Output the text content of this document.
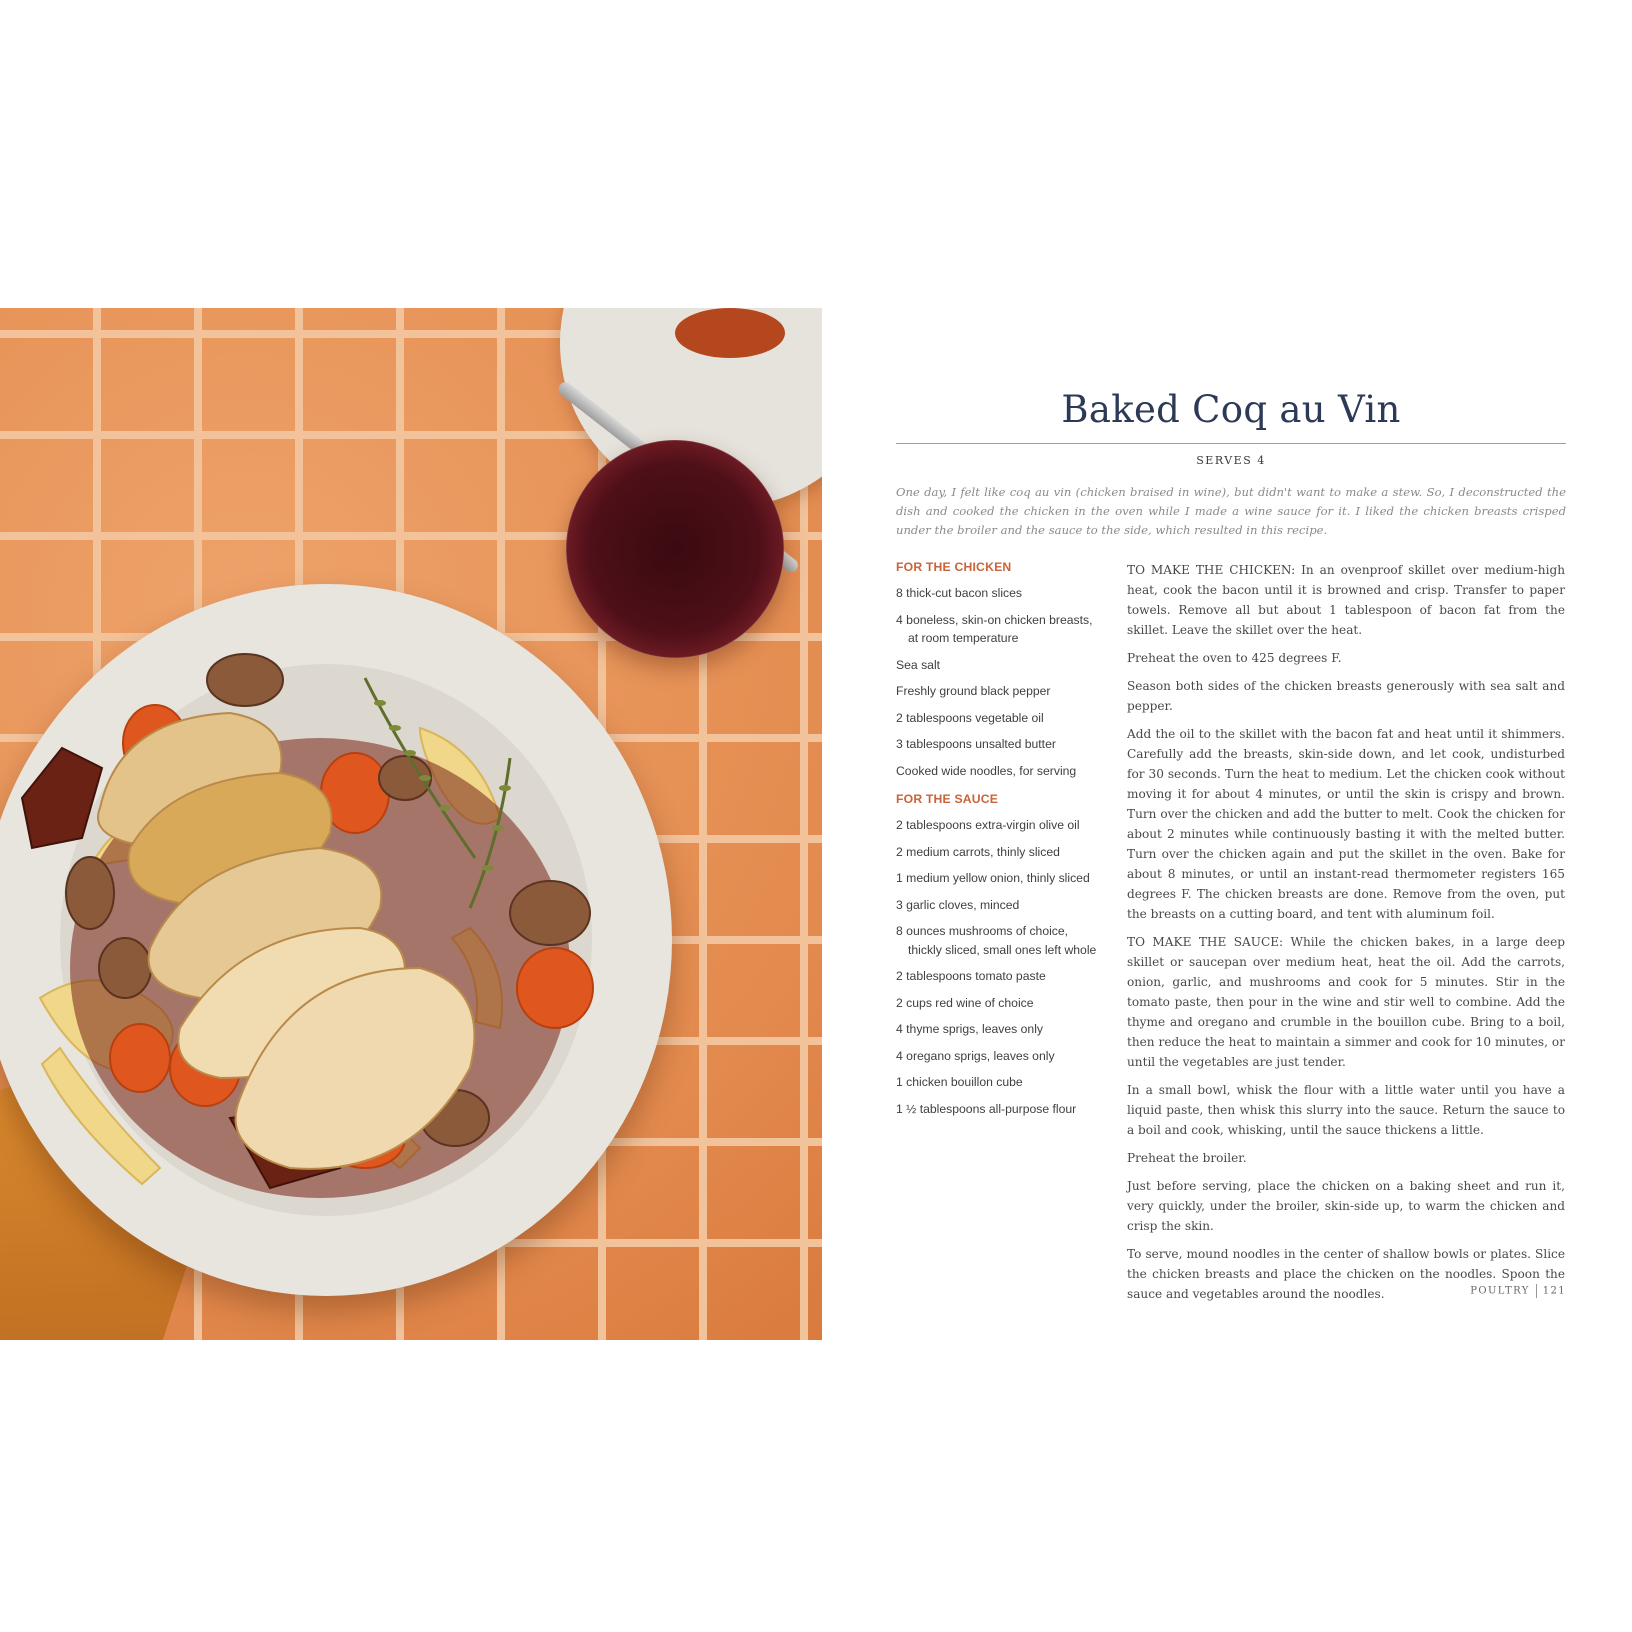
Baked Coq au Vin
SERVES 4
One day, I felt like coq au vin (chicken braised in wine), but didn't want to make a stew. So, I deconstructed the dish and cooked the chicken in the oven while I made a wine sauce for it. I liked the chicken breasts crisped under the broiler and the sauce to the side, which resulted in this recipe.
FOR THE CHICKEN
8 thick-cut bacon slices
4 boneless, skin-on chicken breasts, at room temperature
Sea salt
Freshly ground black pepper
2 tablespoons vegetable oil
3 tablespoons unsalted butter
Cooked wide noodles, for serving
FOR THE SAUCE
2 tablespoons extra-virgin olive oil
2 medium carrots, thinly sliced
1 medium yellow onion, thinly sliced
3 garlic cloves, minced
8 ounces mushrooms of choice, thickly sliced, small ones left whole
2 tablespoons tomato paste
2 cups red wine of choice
4 thyme sprigs, leaves only
4 oregano sprigs, leaves only
1 chicken bouillon cube
1 ½ tablespoons all-purpose flour

TO MAKE THE CHICKEN: In an ovenproof skillet over medium-high heat, cook the bacon until it is browned and crisp. Transfer to paper towels. Remove all but about 1 tablespoon of bacon fat from the skillet. Leave the skillet over the heat.

Preheat the oven to 425 degrees F.

Season both sides of the chicken breasts generously with sea salt and pepper.

Add the oil to the skillet with the bacon fat and heat until it shimmers. Carefully add the breasts, skin-side down, and let cook, undisturbed for 30 seconds. Turn the heat to medium. Let the chicken cook without moving it for about 4 minutes, or until the skin is crispy and brown. Turn over the chicken and add the butter to melt. Cook the chicken for about 2 minutes while continuously basting it with the melted butter. Turn over the chicken again and put the skillet in the oven. Bake for about 8 minutes, or until an instant-read thermometer registers 165 degrees F. The chicken breasts are done. Remove from the oven, put the breasts on a cutting board, and tent with aluminum foil.

TO MAKE THE SAUCE: While the chicken bakes, in a large deep skillet or saucepan over medium heat, heat the oil. Add the carrots, onion, garlic, and mushrooms and cook for 5 minutes. Stir in the tomato paste, then pour in the wine and stir well to combine. Add the thyme and oregano and crumble in the bouillon cube. Bring to a boil, then reduce the heat to maintain a simmer and cook for 10 minutes, or until the vegetables are just tender.

In a small bowl, whisk the flour with a little water until you have a liquid paste, then whisk this slurry into the sauce. Return the sauce to a boil and cook, whisking, until the sauce thickens a little.

Preheat the broiler.

Just before serving, place the chicken on a baking sheet and run it, very quickly, under the broiler, skin-side up, to warm the chicken and crisp the skin.

To serve, mound noodles in the center of shallow bowls or plates. Slice the chicken breasts and place the chicken on the noodles. Spoon the sauce and vegetables around the noodles.	POULTRY 121
